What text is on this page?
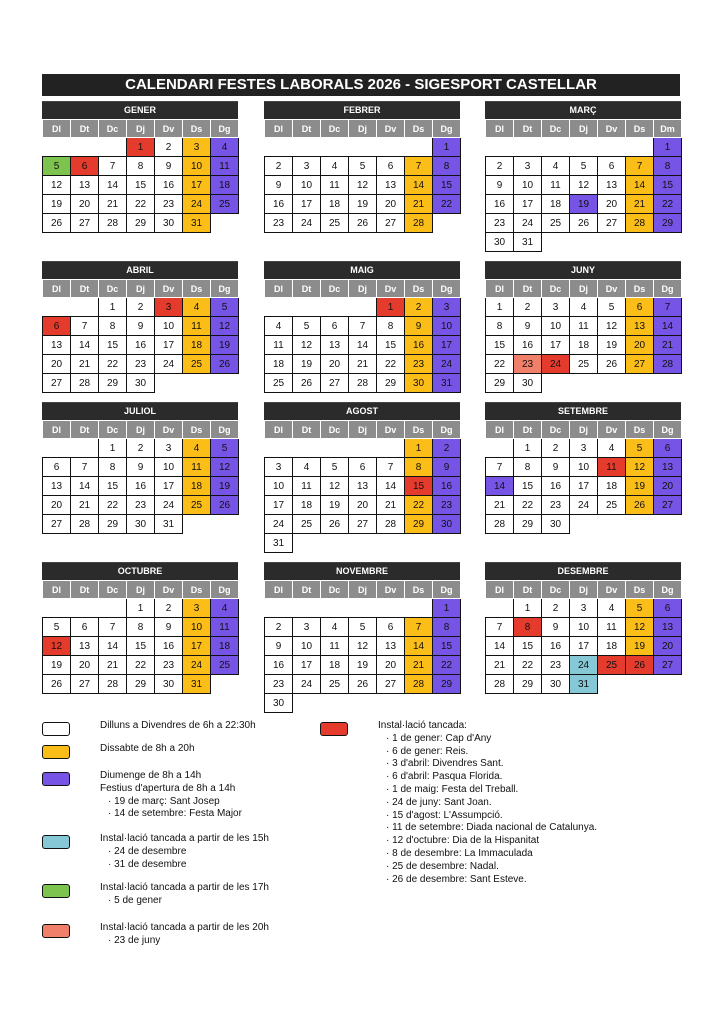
CALENDARI FESTES LABORALS 2026 - SIGESPORT CASTELLAR
GENER
Dl	Dt	Dc	Dj	Dv	Ds	Dg
			1	2	3	4
5	6	7	8	9	10	11
12	13	14	15	16	17	18
19	20	21	22	23	24	25
26	27	28	29	30	31	
FEBRER
Dl	Dt	Dc	Dj	Dv	Ds	Dg
						1
2	3	4	5	6	7	8
9	10	11	12	13	14	15
16	17	18	19	20	21	22
23	24	25	26	27	28	
MARÇ
Dl	Dt	Dc	Dj	Dv	Ds	Dm
						1
2	3	4	5	6	7	8
9	10	11	12	13	14	15
16	17	18	19	20	21	22
23	24	25	26	27	28	29
30	31					
ABRIL
Dl	Dt	Dc	Dj	Dv	Ds	Dg
		1	2	3	4	5
6	7	8	9	10	11	12
13	14	15	16	17	18	19
20	21	22	23	24	25	26
27	28	29	30			
MAIG
Dl	Dt	Dc	Dj	Dv	Ds	Dg
				1	2	3
4	5	6	7	8	9	10
11	12	13	14	15	16	17
18	19	20	21	22	23	24
25	26	27	28	29	30	31
JUNY
Dl	Dt	Dc	Dj	Dv	Ds	Dg
1	2	3	4	5	6	7
8	9	10	11	12	13	14
15	16	17	18	19	20	21
22	23	24	25	26	27	28
29	30					
JULIOL
Dl	Dt	Dc	Dj	Dv	Ds	Dg
		1	2	3	4	5
6	7	8	9	10	11	12
13	14	15	16	17	18	19
20	21	22	23	24	25	26
27	28	29	30	31		
AGOST
Dl	Dt	Dc	Dj	Dv	Ds	Dg
					1	2
3	4	5	6	7	8	9
10	11	12	13	14	15	16
17	18	19	20	21	22	23
24	25	26	27	28	29	30
31						
SETEMBRE
Dl	Dt	Dc	Dj	Dv	Ds	Dg
	1	2	3	4	5	6
7	8	9	10	11	12	13
14	15	16	17	18	19	20
21	22	23	24	25	26	27
28	29	30				
OCTUBRE
Dl	Dt	Dc	Dj	Dv	Ds	Dg
			1	2	3	4
5	6	7	8	9	10	11
12	13	14	15	16	17	18
19	20	21	22	23	24	25
26	27	28	29	30	31	
NOVEMBRE
Dl	Dt	Dc	Dj	Dv	Ds	Dg
						1
2	3	4	5	6	7	8
9	10	11	12	13	14	15
16	17	18	19	20	21	22
23	24	25	26	27	28	29
30						
DESEMBRE
Dl	Dt	Dc	Dj	Dv	Ds	Dg
	1	2	3	4	5	6
7	8	9	10	11	12	13
14	15	16	17	18	19	20
21	22	23	24	25	26	27
28	29	30	31			
Dilluns a Divendres de 6h a 22:30h
Dissabte de 8h a 20h
Diumenge de 8h a 14h
Festius d'apertura de 8h a 14h
· 19 de març: Sant Josep
· 14 de setembre: Festa Major
Instal·lació tancada a partir de les 15h
· 24 de desembre
· 31 de desembre
Instal·lació tancada a partir de les 17h
· 5 de gener
Instal·lació tancada a partir de les 20h
· 23 de juny
Instal·lació tancada:
· 1 de gener: Cap d'Any
· 6 de gener: Reis.
· 3 d'abril: Divendres Sant.
· 6 d'abril: Pasqua Florida.
· 1 de maig: Festa del Treball.
· 24 de juny: Sant Joan.
· 15 d'agost: L'Assumpció.
· 11 de setembre: Diada nacional de Catalunya.
· 12 d'octubre: Dia de la Hispanitat
· 8 de desembre: La Immaculada
· 25 de desembre: Nadal.
· 26 de desembre: Sant Esteve.
